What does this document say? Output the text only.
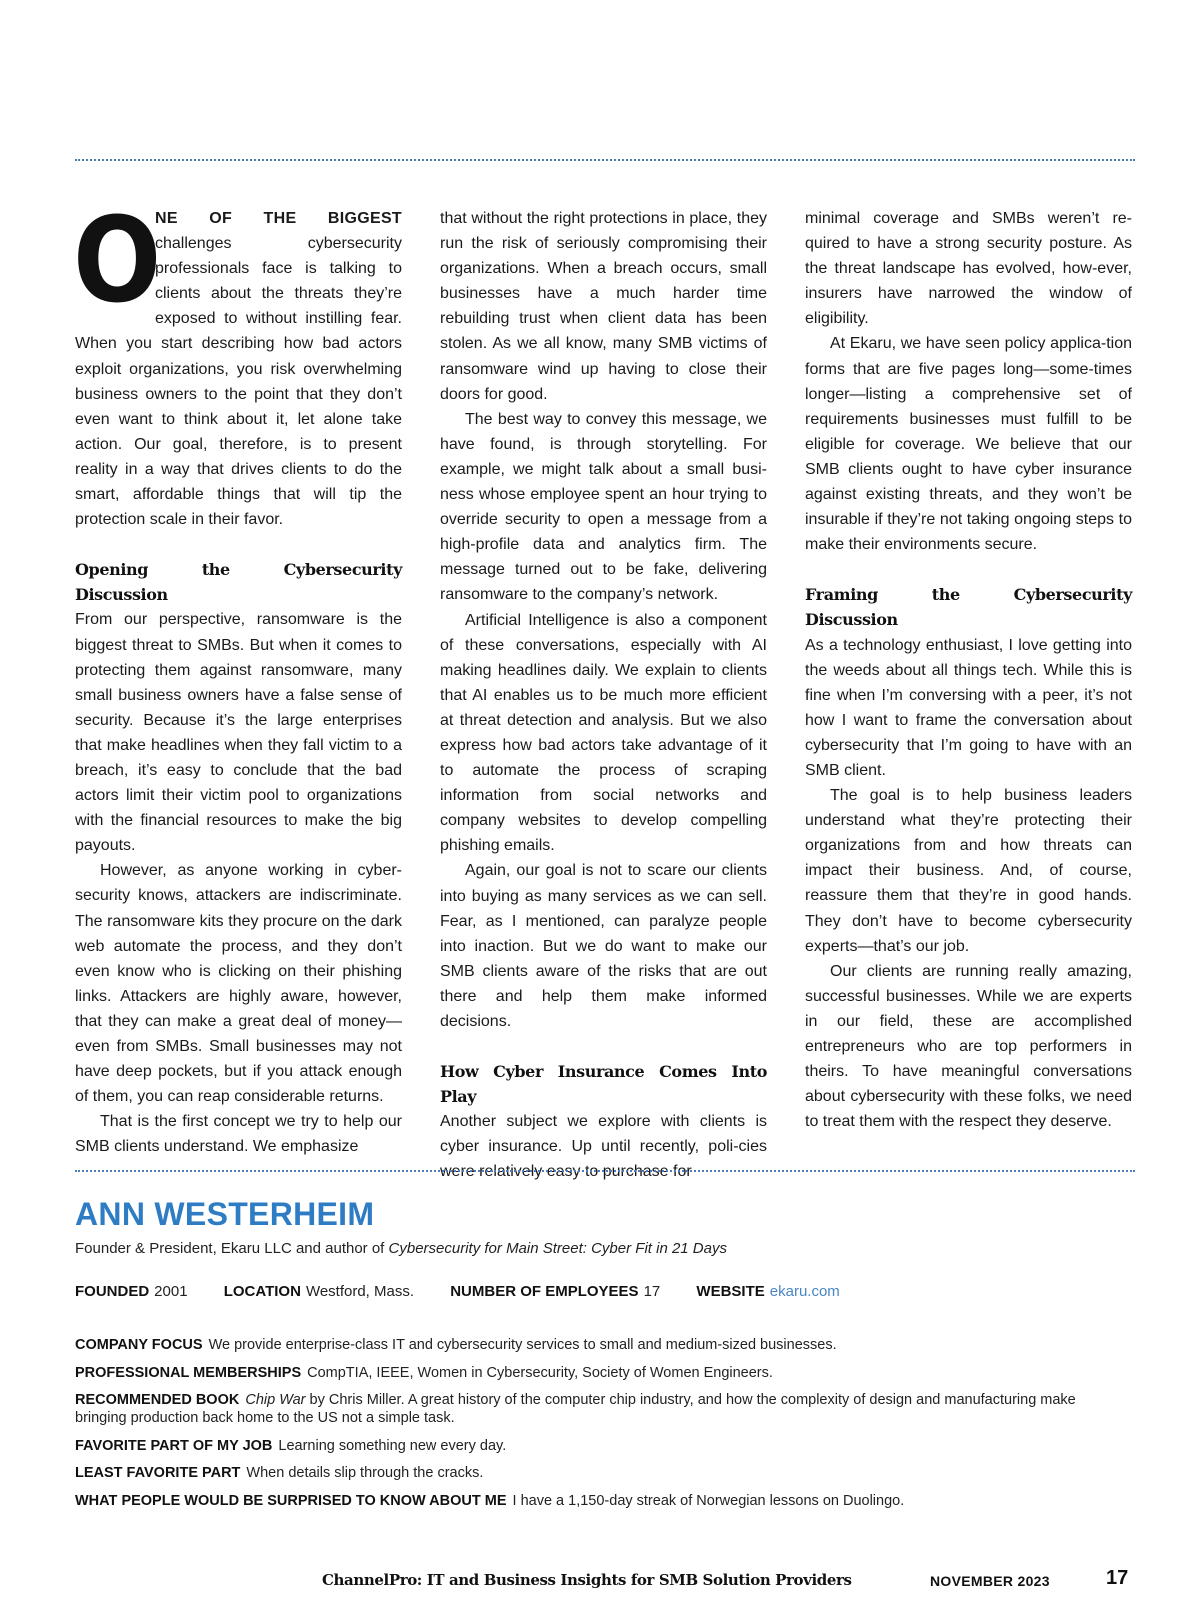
O
NE OF THE BIGGEST challenges cybersecurity professionals face is talking to clients about the threats they’re exposed to without instilling fear. When you start describing how bad actors exploit organizations, you risk overwhelming business owners to the point that they don’t even want to think about it, let alone take action. Our goal, therefore, is to present reality in a way that drives clients to do the smart, affordable things that will tip the protection scale in their favor.

Opening the Cybersecurity Discussion

From our perspective, ransomware is the biggest threat to SMBs. But when it comes to protecting them against ransomware, many small business owners have a false sense of security. Because it’s the large enterprises that make headlines when they fall victim to a breach, it’s easy to conclude that the bad actors limit their victim pool to organizations with the financial resources to make the big payouts.

However, as anyone working in cyber-security knows, attackers are indiscriminate. The ransomware kits they procure on the dark web automate the process, and they don’t even know who is clicking on their phishing links. Attackers are highly aware, however, that they can make a great deal of money—even from SMBs. Small businesses may not have deep pockets, but if you attack enough of them, you can reap considerable returns.

That is the first concept we try to help our SMB clients understand. We emphasize

that without the right protections in place, they run the risk of seriously compromising their organizations. When a breach occurs, small businesses have a much harder time rebuilding trust when client data has been stolen. As we all know, many SMB victims of ransomware wind up having to close their doors for good.

The best way to convey this message, we have found, is through storytelling. For example, we might talk about a small busi-ness whose employee spent an hour trying to override security to open a message from a high-profile data and analytics firm. The message turned out to be fake, delivering ransomware to the company’s network.

Artificial Intelligence is also a component of these conversations, especially with AI making headlines daily. We explain to clients that AI enables us to be much more efficient at threat detection and analysis. But we also express how bad actors take advantage of it to automate the process of scraping information from social networks and company websites to develop compelling phishing emails.

Again, our goal is not to scare our clients into buying as many services as we can sell. Fear, as I mentioned, can paralyze people into inaction. But we do want to make our SMB clients aware of the risks that are out there and help them make informed decisions.

How Cyber Insurance Comes Into Play

Another subject we explore with clients is cyber insurance. Up until recently, poli-cies were relatively easy to purchase for

minimal coverage and SMBs weren’t re-quired to have a strong security posture. As the threat landscape has evolved, how-ever, insurers have narrowed the window of eligibility.

At Ekaru, we have seen policy applica-tion forms that are five pages long—some-times longer—listing a comprehensive set of requirements businesses must fulfill to be eligible for coverage. We believe that our SMB clients ought to have cyber insurance against existing threats, and they won’t be insurable if they’re not taking ongoing steps to make their environments secure.

Framing the Cybersecurity Discussion

As a technology enthusiast, I love getting into the weeds about all things tech. While this is fine when I’m conversing with a peer, it’s not how I want to frame the conversation about cybersecurity that I’m going to have with an SMB client.

The goal is to help business leaders understand what they’re protecting their organizations from and how threats can impact their business. And, of course, reassure them that they’re in good hands. They don’t have to become cybersecurity experts—that’s our job.

Our clients are running really amazing, successful businesses. While we are experts in our field, these are accomplished entrepreneurs who are top performers in theirs. To have meaningful conversations about cybersecurity with these folks, we need to treat them with the respect they deserve.

ANN WESTERHEIM
Founder & President, Ekaru LLC and author of Cybersecurity for Main Street: Cyber Fit in 21 Days
FOUNDED 2001 LOCATION Westford, Mass. NUMBER OF EMPLOYEES 17 WEBSITE ekaru.com
COMPANY FOCUS We provide enterprise-class IT and cybersecurity services to small and medium-sized businesses.
PROFESSIONAL MEMBERSHIPS CompTIA, IEEE, Women in Cybersecurity, Society of Women Engineers.
RECOMMENDED BOOK Chip War by Chris Miller. A great history of the computer chip industry, and how the complexity of design and manufacturing make bringing production back home to the US not a simple task.
FAVORITE PART OF MY JOB Learning something new every day.
LEAST FAVORITE PART When details slip through the cracks.
WHAT PEOPLE WOULD BE SURPRISED TO KNOW ABOUT ME I have a 1,150-day streak of Norwegian lessons on Duolingo.
ChannelPro: IT and Business Insights for SMB Solution Providers	NOVEMBER 2023	17
